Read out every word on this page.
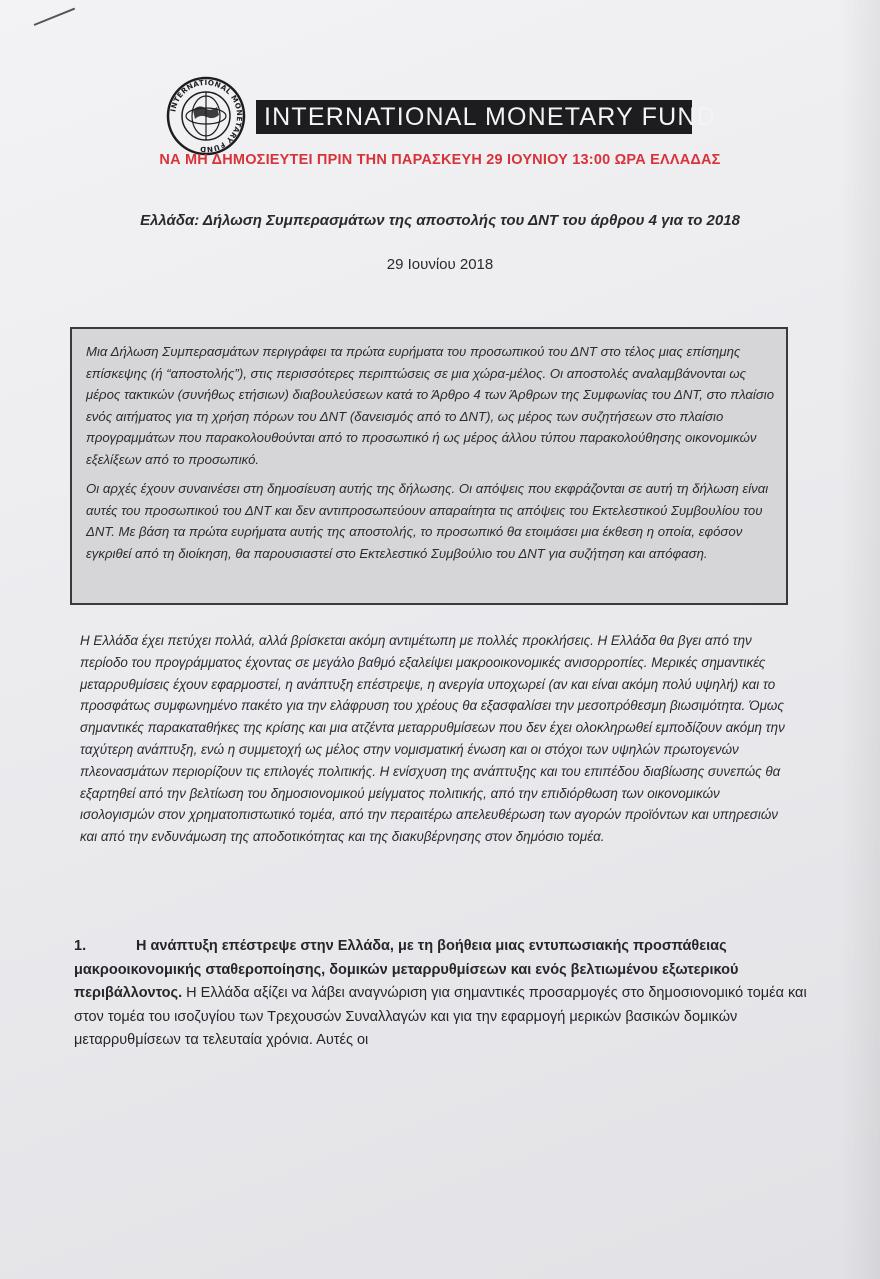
INTERNATIONAL MONETARY FUND
INTERNATIONAL MONETARY FUND
ΝΑ ΜΗ ΔΗΜΟΣΙΕΥΤΕΙ ΠΡΙΝ ΤΗΝ ΠΑΡΑΣΚΕΥΗ 29 ΙΟΥΝΙΟΥ 13:00 ΩΡΑ ΕΛΛΑΔΑΣ
Ελλάδα: Δήλωση Συμπερασμάτων της αποστολής του ΔΝΤ του άρθρου 4 για το 2018
29 Ιουνίου 2018

Μια Δήλωση Συμπερασμάτων περιγράφει τα πρώτα ευρήματα του προσωπικού του ΔΝΤ στο τέλος μιας επίσημης επίσκεψης (ή “αποστολής”), στις περισσότερες περιπτώσεις σε μια χώρα-μέλος. Οι αποστολές αναλαμβάνονται ως μέρος τακτικών (συνήθως ετήσιων) διαβουλεύσεων κατά το Άρθρο 4 των Άρθρων της Συμφωνίας του ΔΝΤ, στο πλαίσιο ενός αιτήματος για τη χρήση πόρων του ΔΝΤ (δανεισμός από το ΔΝΤ), ως μέρος των συζητήσεων στο πλαίσιο προγραμμάτων που παρακολουθούνται από το προσωπικό ή ως μέρος άλλου τύπου παρακολούθησης οικονομικών εξελίξεων από το προσωπικό.

Οι αρχές έχουν συναινέσει στη δημοσίευση αυτής της δήλωσης. Οι απόψεις που εκφράζονται σε αυτή τη δήλωση είναι αυτές του προσωπικού του ΔΝΤ και δεν αντιπροσωπεύουν απαραίτητα τις απόψεις του Εκτελεστικού Συμβουλίου του ΔΝΤ. Με βάση τα πρώτα ευρήματα αυτής της αποστολής, το προσωπικό θα ετοιμάσει μια έκθεση η οποία, εφόσον εγκριθεί από τη διοίκηση, θα παρουσιαστεί στο Εκτελεστικό Συμβούλιο του ΔΝΤ για συζήτηση και απόφαση.

Η Ελλάδα έχει πετύχει πολλά, αλλά βρίσκεται ακόμη αντιμέτωπη με πολλές προκλήσεις. Η Ελλάδα θα βγει από την περίοδο του προγράμματος έχοντας σε μεγάλο βαθμό εξαλείψει μακροοικονομικές ανισορροπίες. Μερικές σημαντικές μεταρρυθμίσεις έχουν εφαρμοστεί, η ανάπτυξη επέστρεψε, η ανεργία υποχωρεί (αν και είναι ακόμη πολύ υψηλή) και το προσφάτως συμφωνημένο πακέτο για την ελάφρυση του χρέους θα εξασφαλίσει την μεσοπρόθεσμη βιωσιμότητα. Όμως σημαντικές παρακαταθήκες της κρίσης και μια ατζέντα μεταρρυθμίσεων που δεν έχει ολοκληρωθεί εμποδίζουν ακόμη την ταχύτερη ανάπτυξη, ενώ η συμμετοχή ως μέλος στην νομισματική ένωση και οι στόχοι των υψηλών πρωτογενών πλεονασμάτων περιορίζουν τις επιλογές πολιτικής. Η ενίσχυση της ανάπτυξης και του επιπέδου διαβίωσης συνεπώς θα εξαρτηθεί από την βελτίωση του δημοσιονομικού μείγματος πολιτικής, από την επιδιόρθωση των οικονομικών ισολογισμών στον χρηματοπιστωτικό τομέα, από την περαιτέρω απελευθέρωση των αγορών προϊόντων και υπηρεσιών και από την ενδυνάμωση της αποδοτικότητας και της διακυβέρνησης στον δημόσιο τομέα.

1.	Η ανάπτυξη επέστρεψε στην Ελλάδα, με τη βοήθεια μιας εντυπωσιακής προσπάθειας μακροοικονομικής σταθεροποίησης, δομικών μεταρρυθμίσεων και ενός βελτιωμένου εξωτερικού περιβάλλοντος. Η Ελλάδα αξίζει να λάβει αναγνώριση για σημαντικές προσαρμογές στο δημοσιονομικό τομέα και στον τομέα του ισοζυγίου των Τρεχουσών Συναλλαγών και για την εφαρμογή μερικών βασικών δομικών μεταρρυθμίσεων τα τελευταία χρόνια. Αυτές οι
